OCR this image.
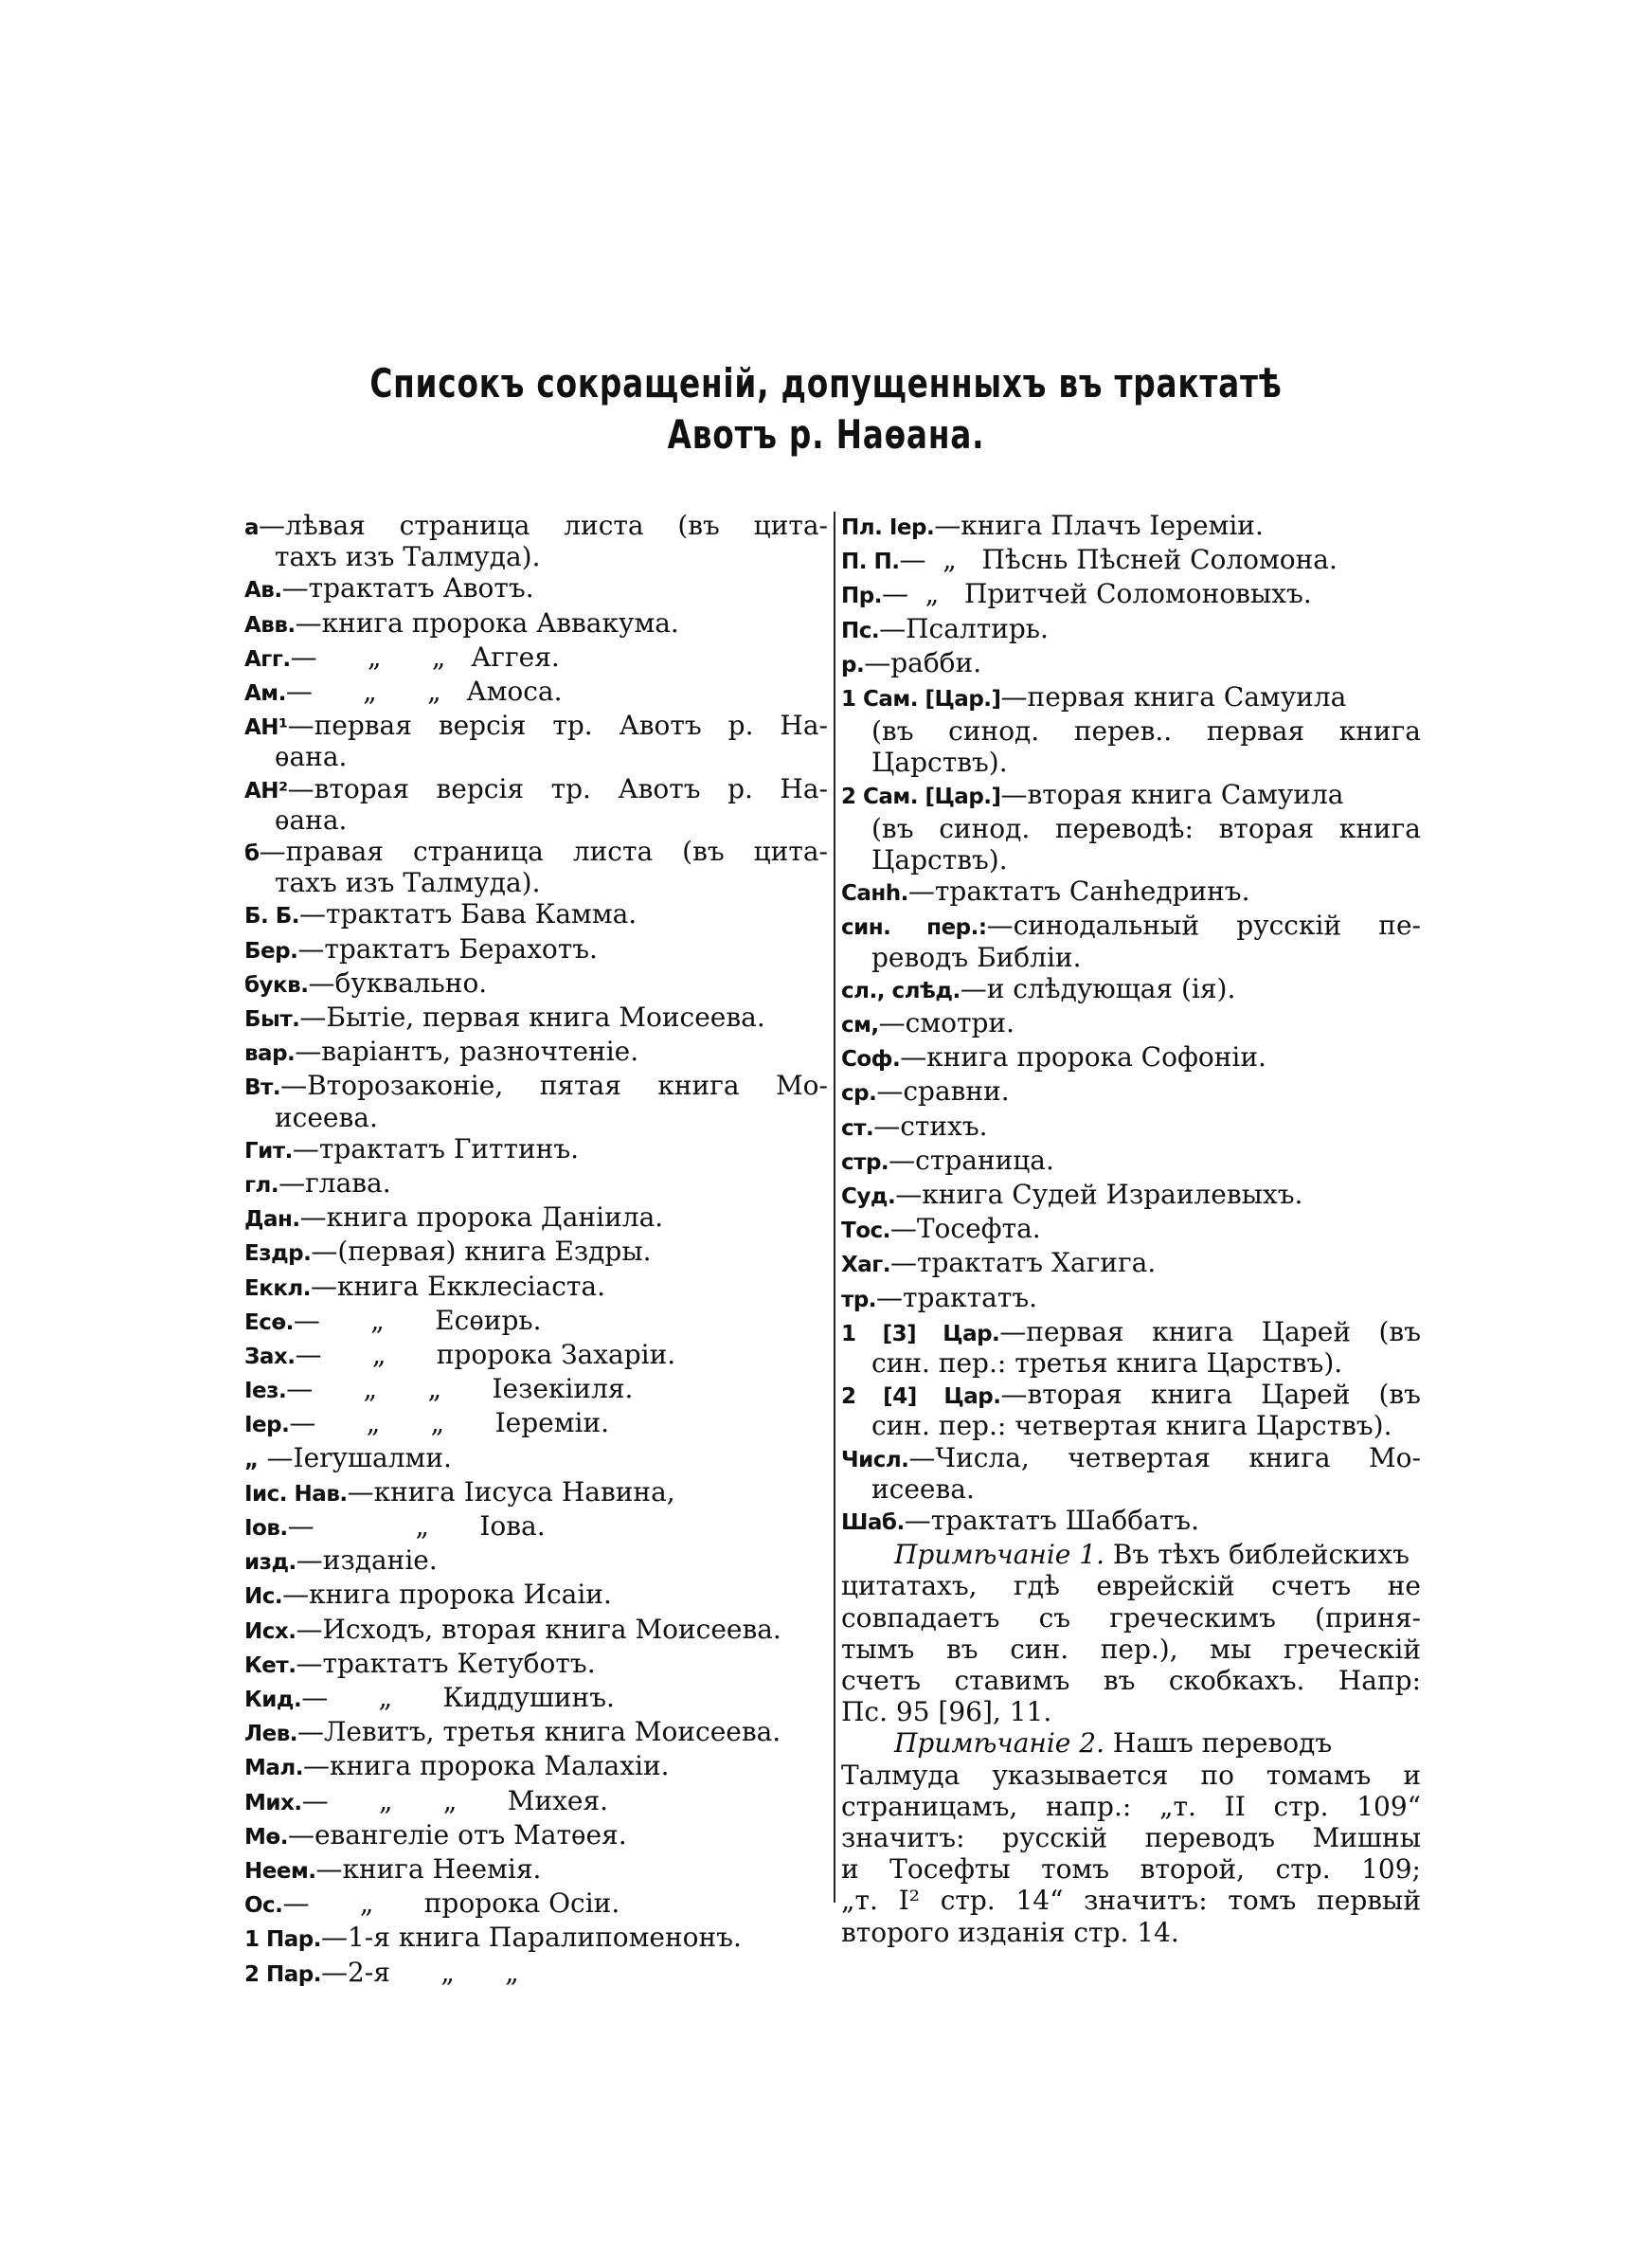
Списокъ сокращеній, допущенныхъ въ трактатѣ
Авотъ р. Наѳана.
а—лѣвая страница листа (въ цита-
тахъ изъ Талмуда).
Ав.—трактатъ Авотъ.
Авв.—книга пророка Аввакума.
Агг.—      „      „   Аггея.
Ам.—      „      „   Амоса.
АН¹—первая версія тр. Авотъ р. На-
ѳана.
АН²—вторая версія тр. Авотъ р. На-
ѳана.
б—правая страница листа (въ цита-
тахъ изъ Талмуда).
Б. Б.—трактатъ Бава Камма.
Бер.—трактатъ Берахотъ.
букв.—буквально.
Быт.—Бытіе, первая книга Моисеева.
вар.—варіантъ, разночтеніе.
Вт.—Второзаконіе, пятая книга Мо-
исеева.
Гит.—трактатъ Гиттинъ.
гл.—глава.
Дан.—книга пророка Даніила.
Ездр.—(первая) книга Ездры.
Еккл.—книга Екклесіаста.
Есѳ.—      „      Есѳирь.
Зах.—      „      пророка Захаріи.
Іез.—      „      „      Іезекіиля.
Іер.—      „      „      Іереміи.
„ —Ierушалми.
Іис. Нав.—книга Іисуса Навина,
Іов.—            „      Іова.
изд.—изданіе.
Ис.—книга пророка Исаіи.
Исх.—Исходъ, вторая книга Моисеева.
Кет.—трактатъ Кетуботъ.
Кид.—      „      Киддушинъ.
Лев.—Левитъ, третья книга Моисеева.
Мал.—книга пророка Малахіи.
Мих.—      „      „      Михея.
Мѳ.—евангеліе отъ Матѳея.
Неем.—книга Неемія.
Ос.—      „      пророка Осіи.
1 Пар.—1-я книга Паралипоменонъ.
2 Пар.—2-я      „      „
Пл. Іер.—книга Плачъ Іереміи.
П. П.—  „   Пѣснь Пѣсней Соломона.
Пр.—  „   Притчей Соломоновыхъ.
Пс.—Псалтирь.
р.—рабби.
1 Сам. [Цар.]—первая книга Самуила
(въ синод. перев.. первая книга
Царствъ).
2 Сам. [Цар.]—вторая книга Самуила
(въ синод. переводѣ: вторая книга
Царствъ).
Санh.—трактатъ Санhедринъ.
син. пер.:—синодальный русскій пе-
реводъ Библіи.
сл., слѣд.—и слѣдующая (ія).
см,—смотри.
Соф.—книга пророка Софоніи.
ср.—сравни.
ст.—стихъ.
стр.—страница.
Суд.—книга Судей Израилевыхъ.
Тос.—Тосефта.
Хаг.—трактатъ Хагига.
тр.—трактатъ.
1 [3] Цар.—первая книга Царей (въ
син. пер.: третья книга Царствъ).
2 [4] Цар.—вторая книга Царей (въ
син. пер.: четвертая книга Царствъ).
Числ.—Числа, четвертая книга Мо-
исеева.
Шаб.—трактатъ Шаббатъ.
Примѣчаніе 1. Въ тѣхъ библейскихъ
цитатахъ, гдѣ еврейскій счетъ не
совпадаетъ съ греческимъ (приня-
тымъ въ син. пер.), мы греческій
счетъ ставимъ въ скобкахъ. Напр:
Пс. 95 [96], 11.
Примѣчаніе 2. Нашъ переводъ
Талмуда указывается по томамъ и
страницамъ, напр.: „т. II стр. 109“
значитъ: русскій переводъ Мишны
и Тосефты томъ второй, стр. 109;
„т. I² стр. 14“ значитъ: томъ первый
второго изданія стр. 14.
